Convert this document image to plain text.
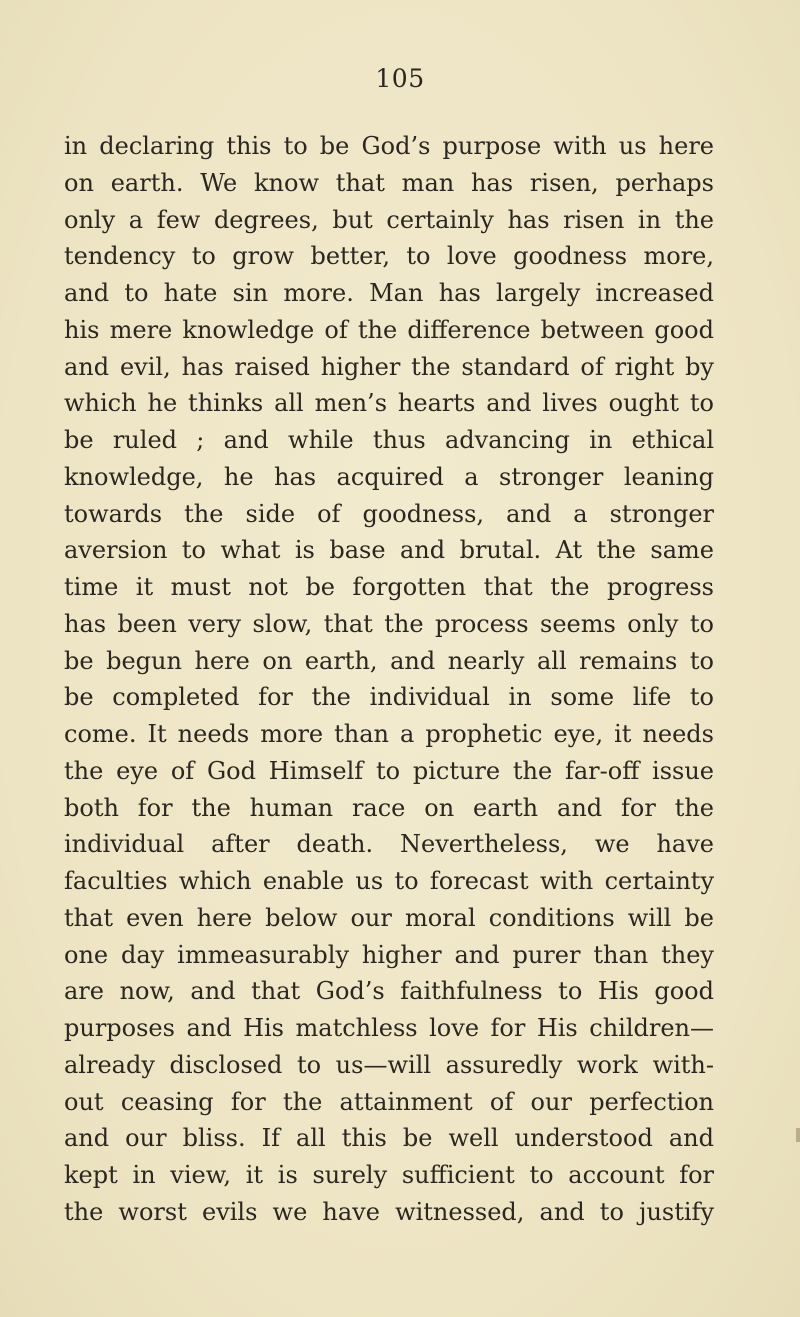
105
in declaring this to be God’s purpose with us here
on earth. We know that man has risen, perhaps
only a few degrees, but certainly has risen in the
tendency to grow better, to love goodness more,
and to hate sin more. Man has largely increased
his mere knowledge of the difference between good
and evil, has raised higher the standard of right by
which he thinks all men’s hearts and lives ought to
be ruled ; and while thus advancing in ethical
knowledge, he has acquired a stronger leaning
towards the side of goodness, and a stronger
aversion to what is base and brutal. At the same
time it must not be forgotten that the progress
has been very slow, that the process seems only to
be begun here on earth, and nearly all remains to
be completed for the individual in some life to
come. It needs more than a prophetic eye, it needs
the eye of God Himself to picture the far-off issue
both for the human race on earth and for the
individual after death. Nevertheless, we have
faculties which enable us to forecast with certainty
that even here below our moral conditions will be
one day immeasurably higher and purer than they
are now, and that God’s faithfulness to His good
purposes and His matchless love for His children—
already disclosed to us—will assuredly work with-
out ceasing for the attainment of our perfection
and our bliss. If all this be well understood and
kept in view, it is surely sufficient to account for
the worst evils we have witnessed, and to justify
